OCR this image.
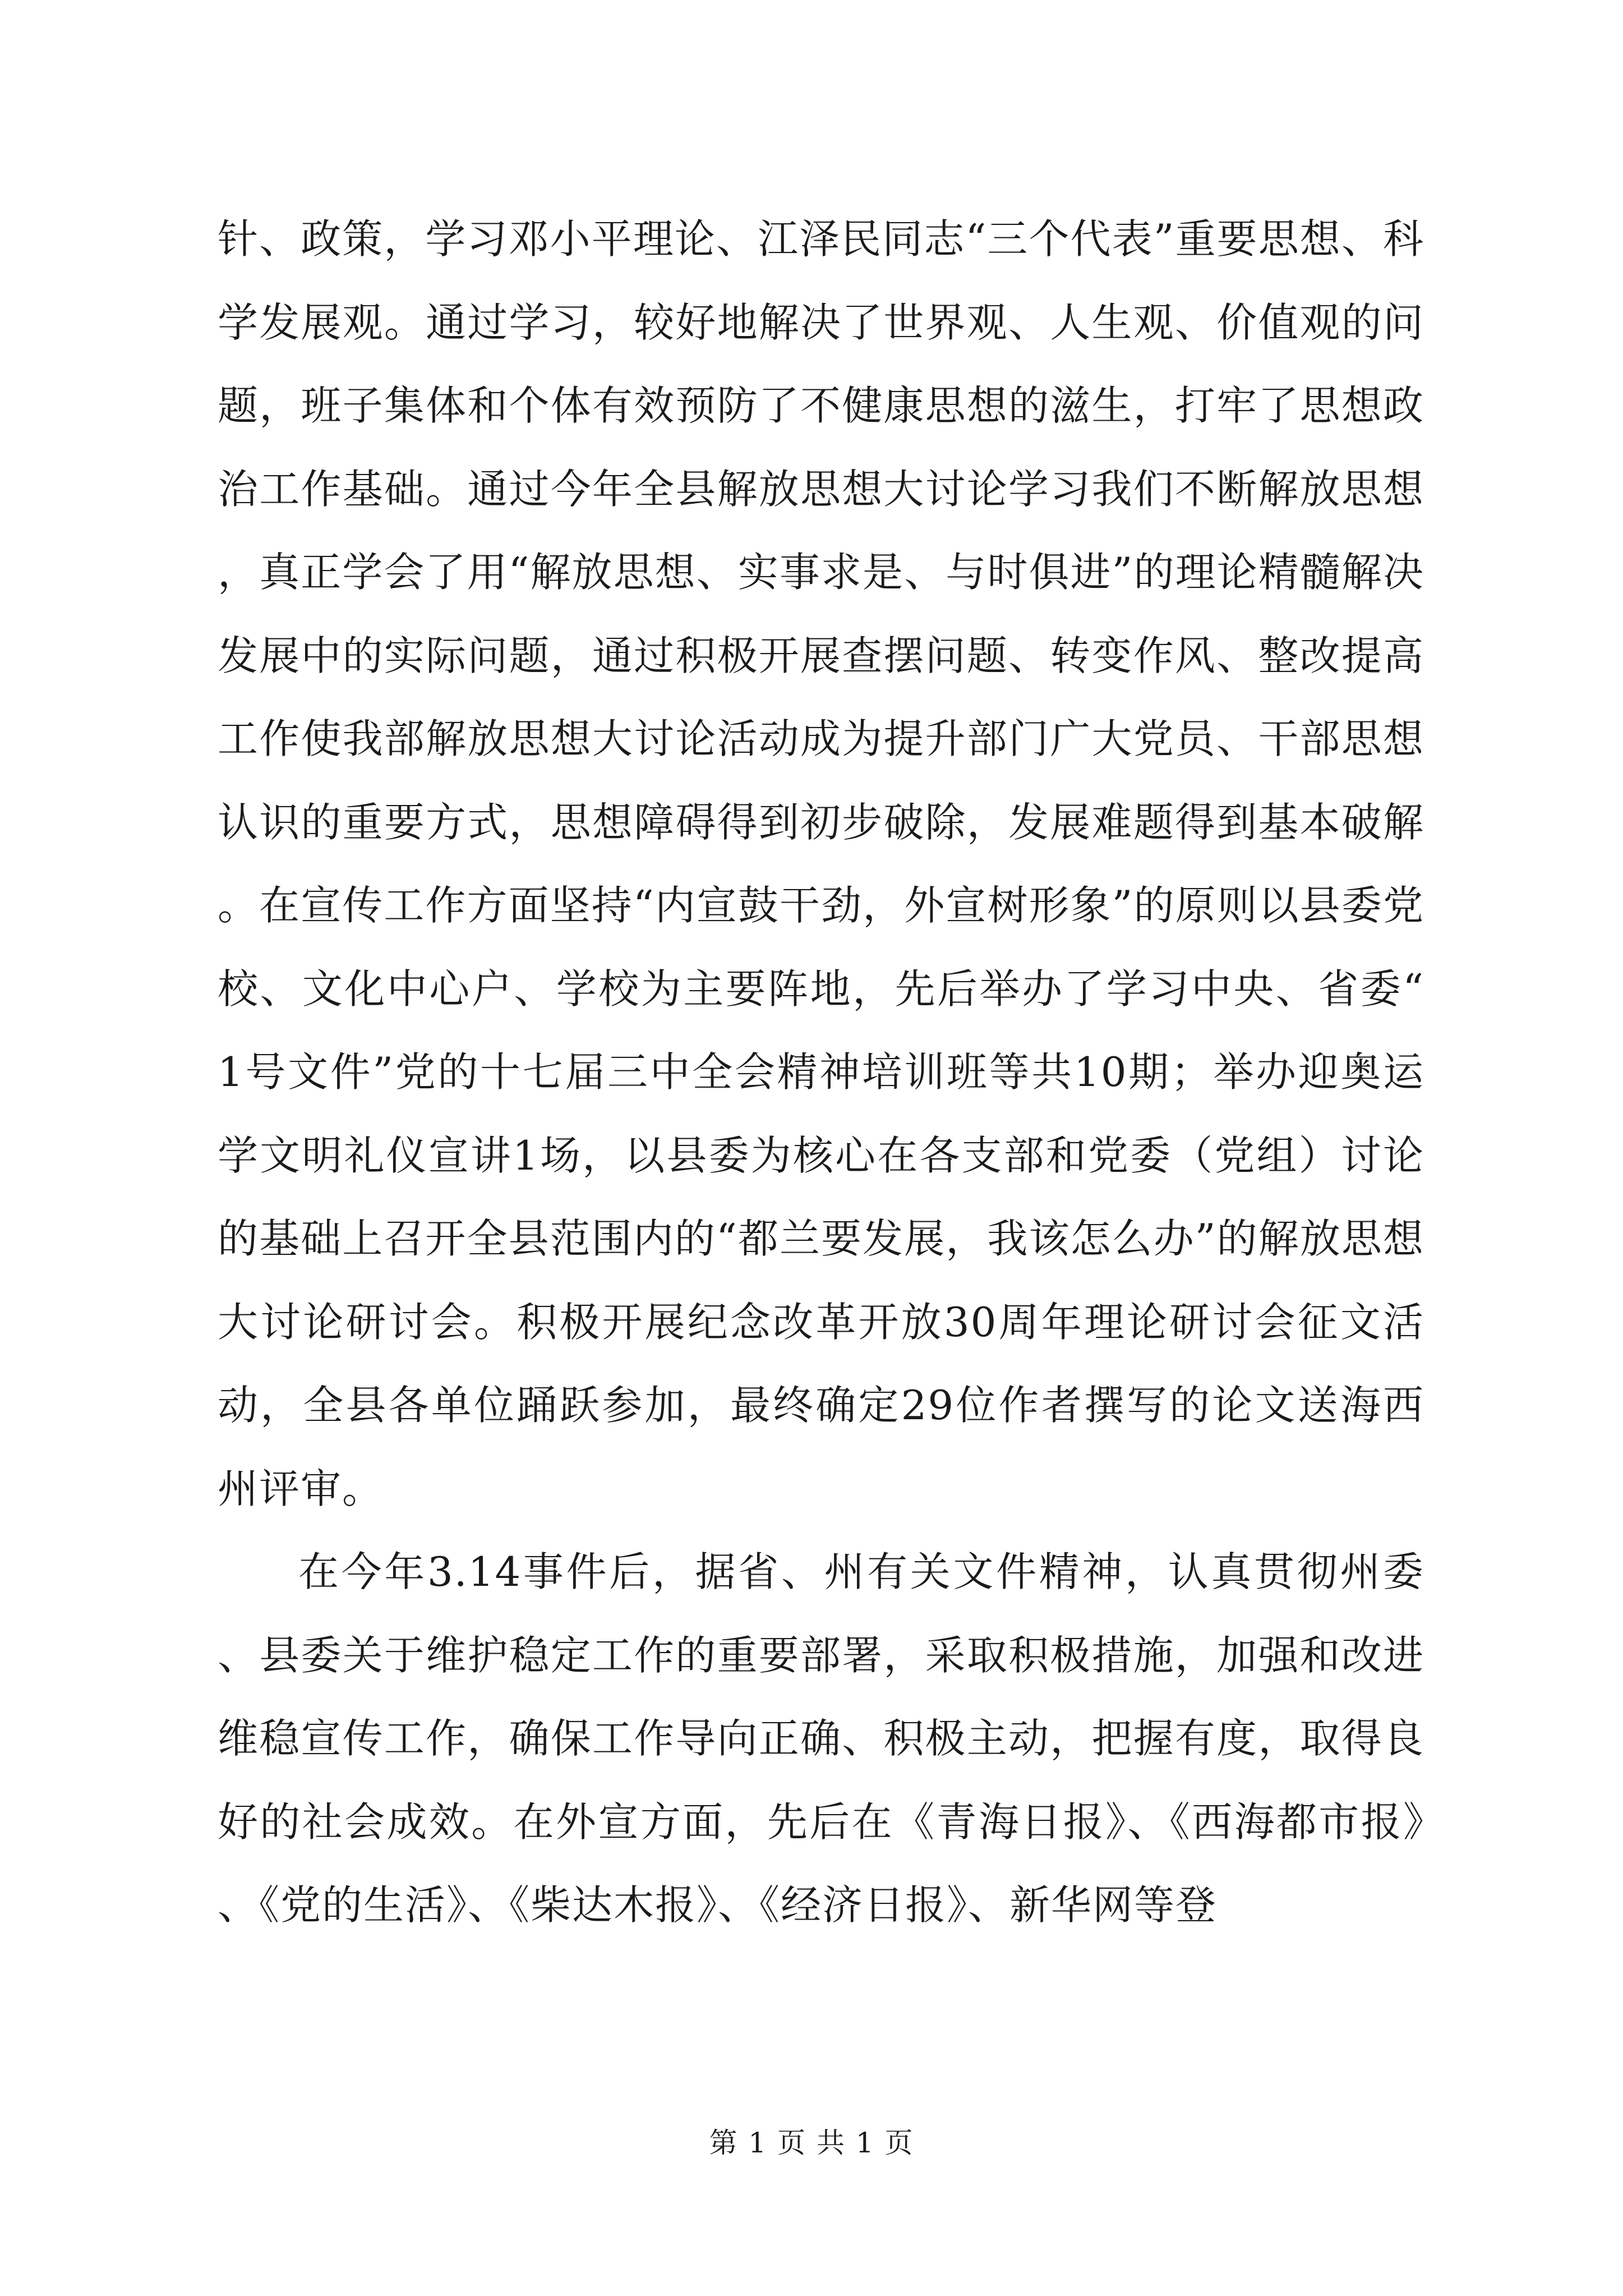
针、政策，学习邓小平理论、江泽民同志“三个代表”重要思想、科学发展观。通过学习，较好地解决了世界观、人生观、价值观的问题，班子集体和个体有效预防了不健康思想的滋生，打牢了思想政治工作基础。通过今年全县解放思想大讨论学习我们不断解放思想，真正学会了用“解放思想、实事求是、与时俱进”的理论精髓解决发展中的实际问题，通过积极开展查摆问题、转变作风、整改提高工作使我部解放思想大讨论活动成为提升部门广大党员、干部思想认识的重要方式，思想障碍得到初步破除，发展难题得到基本破解。在宣传工作方面坚持“内宣鼓干劲，外宣树形象”的原则以县委党校、文化中心户、学校为主要阵地，先后举办了学习中央、省委“1号文件”党的十七届三中全会精神培训班等共10期；举办迎奥运学文明礼仪宣讲1场，以县委为核心在各支部和党委（党组）讨论的基础上召开全县范围内的“都兰要发展，我该怎么办”的解放思想大讨论研讨会。积极开展纪念改革开放30周年理论研讨会征文活动，全县各单位踊跃参加，最终确定29位作者撰写的论文送海西州评审。

在今年3.14事件后，据省、州有关文件精神，认真贯彻州委、县委关于维护稳定工作的重要部署，采取积极措施，加强和改进维稳宣传工作，确保工作导向正确、积极主动，把握有度，取得良好的社会成效。在外宣方面，先后在《青海日报》、《西海都市报》、《党的生活》、《柴达木报》、《经济日报》、新华网等登

第 1 页 共 1 页
